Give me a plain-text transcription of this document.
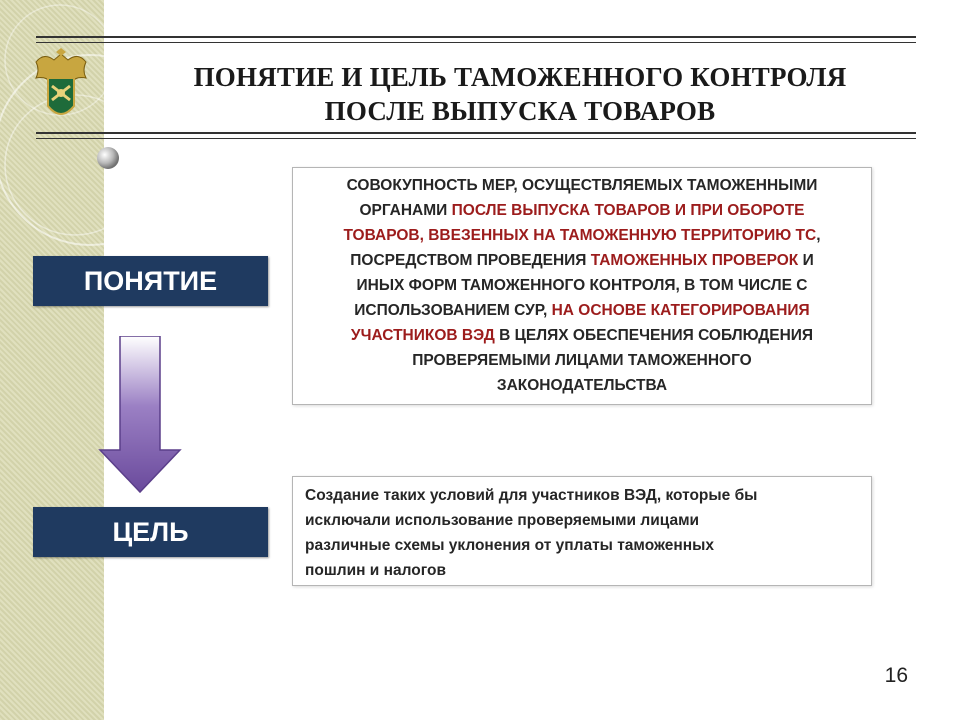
ПОНЯТИЕ И ЦЕЛЬ ТАМОЖЕННОГО КОНТРОЛЯ
ПОСЛЕ ВЫПУСКА ТОВАРОВ
ПОНЯТИЕ
ЦЕЛЬ
СОВОКУПНОСТЬ МЕР, ОСУЩЕСТВЛЯЕМЫХ ТАМОЖЕННЫМИ
ОРГАНАМИ ПОСЛЕ ВЫПУСКА ТОВАРОВ И ПРИ ОБОРОТЕ
ТОВАРОВ, ВВЕЗЕННЫХ НА ТАМОЖЕННУЮ ТЕРРИТОРИЮ ТС,
ПОСРЕДСТВОМ ПРОВЕДЕНИЯ ТАМОЖЕННЫХ ПРОВЕРОК И
ИНЫХ ФОРМ ТАМОЖЕННОГО КОНТРОЛЯ, В ТОМ ЧИСЛЕ С
ИСПОЛЬЗОВАНИЕМ СУР, НА ОСНОВЕ КАТЕГОРИРОВАНИЯ
УЧАСТНИКОВ ВЭД В ЦЕЛЯХ ОБЕСПЕЧЕНИЯ СОБЛЮДЕНИЯ
ПРОВЕРЯЕМЫМИ ЛИЦАМИ ТАМОЖЕННОГО
ЗАКОНОДАТЕЛЬСТВА
Создание таких условий для участников ВЭД, которые бы
исключали использование проверяемыми лицами
различные схемы уклонения от уплаты таможенных
пошлин и налогов
16
